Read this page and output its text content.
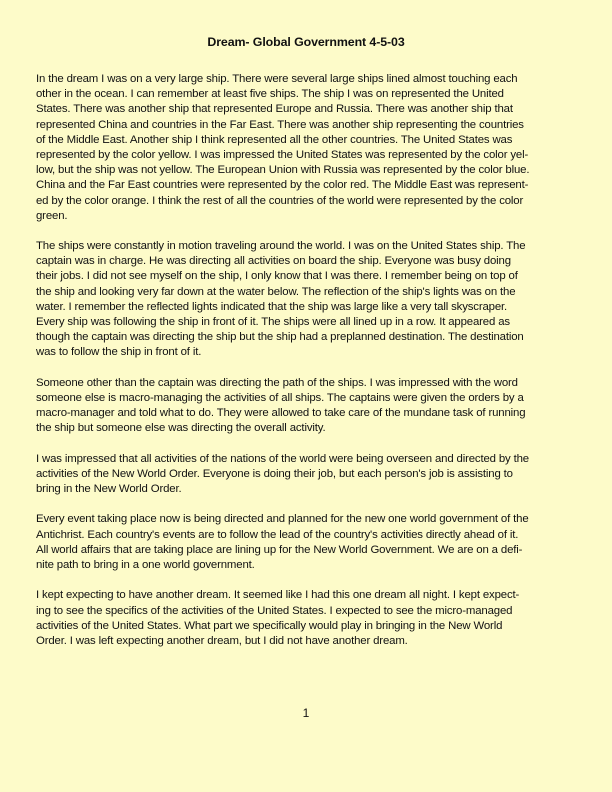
Dream- Global Government 4-5-03
In the dream I was on a very large ship. There were several large ships lined almost touching each
other in the ocean. I can remember at least five ships. The ship I was on represented the United
States. There was another ship that represented Europe and Russia. There was another ship that
represented China and countries in the Far East. There was another ship representing the countries
of the Middle East. Another ship I think represented all the other countries. The United States was
represented by the color yellow. I was impressed the United States was represented by the color yel-
low, but the ship was not yellow. The European Union with Russia was represented by the color blue.
China and the Far East countries were represented by the color red. The Middle East was represent-
ed by the color orange. I think the rest of all the countries of the world were represented by the color
green.
The ships were constantly in motion traveling around the world. I was on the United States ship. The
captain was in charge. He was directing all activities on board the ship. Everyone was busy doing
their jobs. I did not see myself on the ship, I only know that I was there. I remember being on top of
the ship and looking very far down at the water below. The reflection of the ship's lights was on the
water. I remember the reflected lights indicated that the ship was large like a very tall skyscraper.
Every ship was following the ship in front of it. The ships were all lined up in a row. It appeared as
though the captain was directing the ship but the ship had a preplanned destination. The destination
was to follow the ship in front of it.
Someone other than the captain was directing the path of the ships. I was impressed with the word
someone else is macro-managing the activities of all ships. The captains were given the orders by a
macro-manager and told what to do. They were allowed to take care of the mundane task of running
the ship but someone else was directing the overall activity.
I was impressed that all activities of the nations of the world were being overseen and directed by the
activities of the New World Order. Everyone is doing their job, but each person's job is assisting to
bring in the New World Order.
Every event taking place now is being directed and planned for the new one world government of the
Antichrist. Each country's events are to follow the lead of the country's activities directly ahead of it.
All world affairs that are taking place are lining up for the New World Government. We are on a defi-
nite path to bring in a one world government.
I kept expecting to have another dream. It seemed like I had this one dream all night. I kept expect-
ing to see the specifics of the activities of the United States. I expected to see the micro-managed
activities of the United States. What part we specifically would play in bringing in the New World
Order. I was left expecting another dream, but I did not have another dream.
1
